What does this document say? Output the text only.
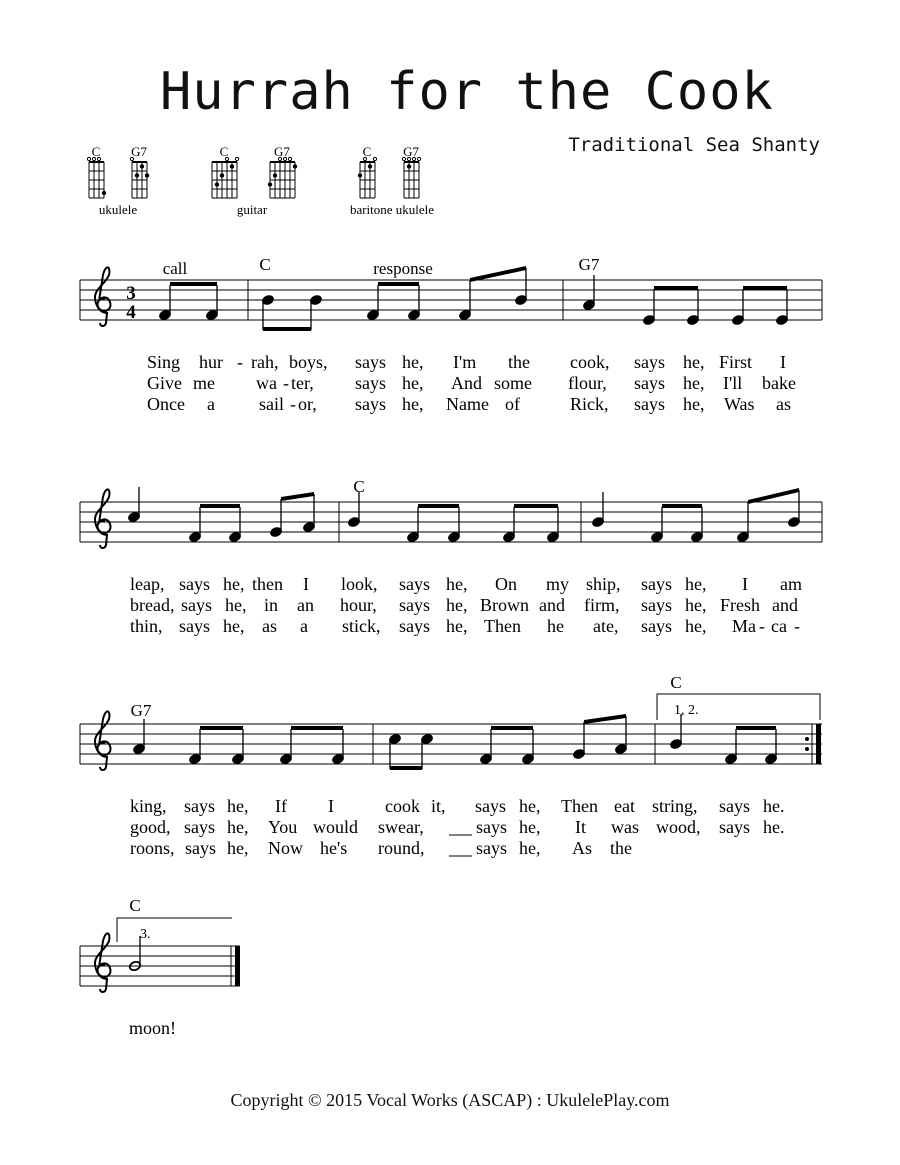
Hurrah for the Cook
Traditional Sea Shanty
C G7
ukulele
C	G7
guitar
C G7
baritone ukulele
3
4
call	response
C	G7
Sing hur - rah, boys, says he, I'm the cook, says he, First I
Give me wa - ter, says he, And some flour, says he, I'll bake
Once a sail - or, says he, Name of	Rick, says he, Was as
C
leap, says he, then I look, says he, On my ship, says he, I am
bread, says he, in an hour, says he, Brown and firm, says he, Fresh and
thin, says he, as a stick, says he, Then he ate, says he, Ma - ca -
G7
C
1, 2.
king, says he, If I	cook it, says he, Then eat string, says he.
good, says he, You would swear,	says he, It was wood, says he.
roons, says he, Now he's round,	says he, As the
C
3.
moon!
Copyright © 2015 Vocal Works (ASCAP) : UkulelePlay.com
